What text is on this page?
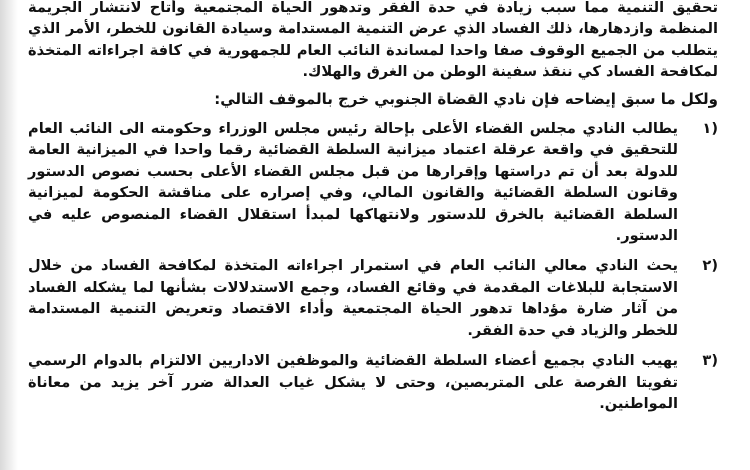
تحقيق التنمية مما سبب زيادة في حدة الفقر وتدهور الحياة المجتمعية وأتاح لانتشار الجريمة المنظمة وازدهارها، ذلك الفساد الذي عرض التنمية المستدامة وسيادة القانون للخطر، الأمر الذي يتطلب من الجميع الوقوف صفا واحدا لمساندة النائب العام للجمهورية في كافة اجراءاته المتخذة لمكافحة الفساد كي ننقذ سفينة الوطن من الغرق والهلاك.

ولكل ما سبق إيضاحه فإن نادي القضاة الجنوبي خرج بالموقف التالي:
(١

يطالب النادي مجلس القضاء الأعلى بإحالة رئيس مجلس الوزراء وحكومته الى النائب العام للتحقيق في واقعة عرقلة اعتماد ميزانية السلطة القضائية رقما واحدا في الميزانية العامة للدولة بعد أن تم دراستها وإقرارها من قبل مجلس القضاء الأعلى بحسب نصوص الدستور وقانون السلطة القضائية والقانون المالي، وفي إصراره على مناقشة الحكومة لميزانية السلطة القضائية بالخرق للدستور ولانتهاكها لمبدأ استقلال القضاء المنصوص عليه في الدستور.

(٢

يحث النادي معالي النائب العام في استمرار اجراءاته المتخذة لمكافحة الفساد من خلال الاستجابة للبلاغات المقدمة في وقائع الفساد، وجمع الاستدلالات بشأنها لما يشكله الفساد من آثار ضارة مؤداها تدهور الحياة المجتمعية وأداء الاقتصاد وتعريض التنمية المستدامة للخطر والزياد في حدة الفقر.

(٣

يهيب النادي بجميع أعضاء السلطة القضائية والموظفين الاداريين الالتزام بالدوام الرسمي تفويتا الفرصة على المتربصين، وحتى لا يشكل غياب العدالة ضرر آخر يزيد من معاناة المواطنين.
